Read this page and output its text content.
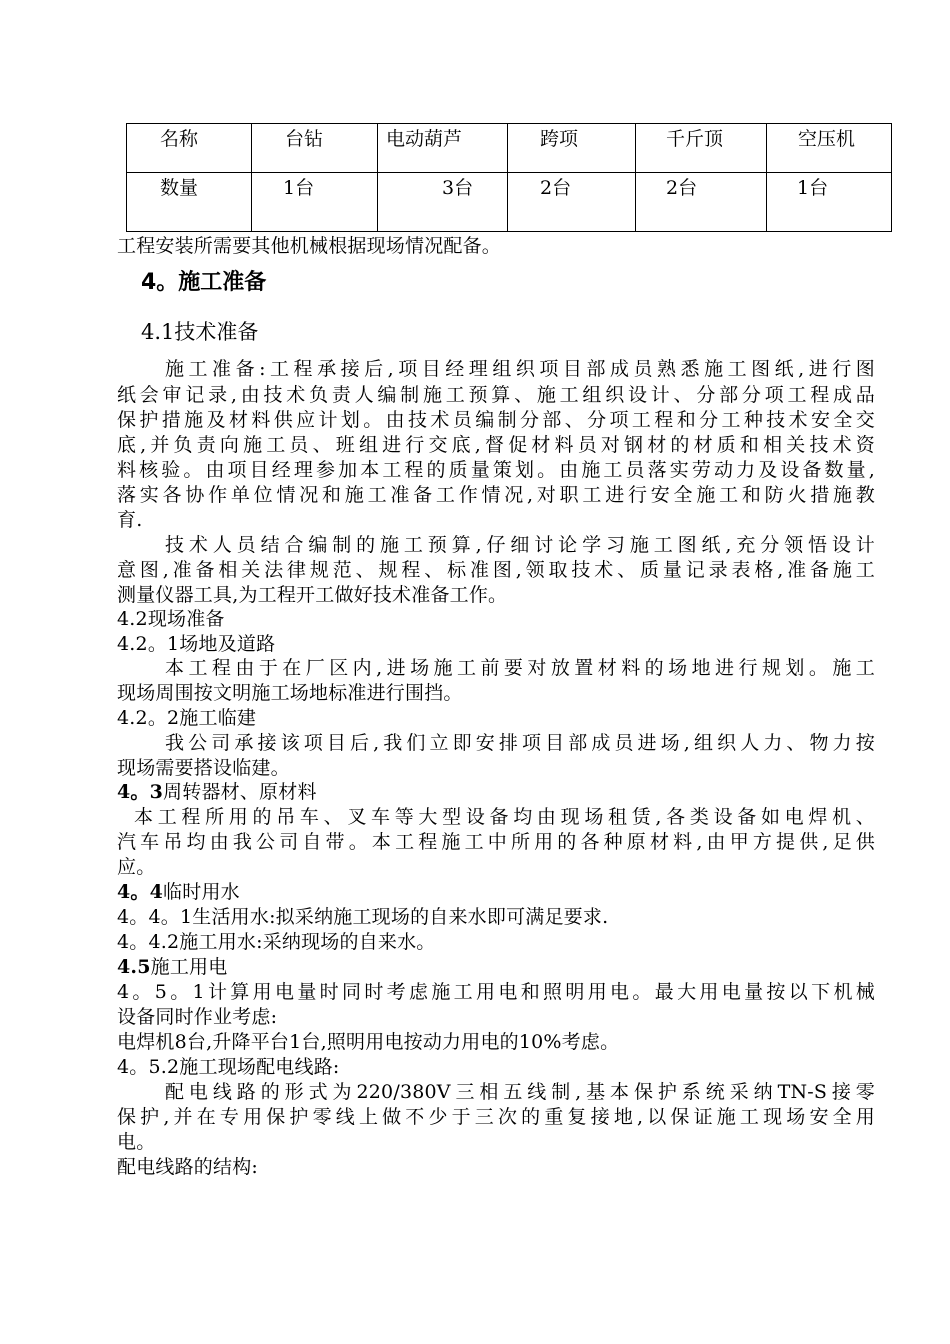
名称	台钻	电动葫芦	跨项	千斤顶	空压机

数量	1台	3台	2台	2台	1台
工程安装所需要其他机械根据现场情况配备。
4。施工准备
4.1技术准备
施工准备:工程承接后,项目经理组织项目部成员熟悉施工图纸,进行图
纸会审记录,由技术负责人编制施工预算、施工组织设计、分部分项工程成品
保护措施及材料供应计划。由技术员编制分部、分项工程和分工种技术安全交
底,并负责向施工员、班组进行交底,督促材料员对钢材的材质和相关技术资
料核验。由项目经理参加本工程的质量策划。由施工员落实劳动力及设备数量,
落实各协作单位情况和施工准备工作情况,对职工进行安全施工和防火措施教
育.
技术人员结合编制的施工预算,仔细讨论学习施工图纸,充分领悟设计
意图,准备相关法律规范、规程、标准图,领取技术、质量记录表格,准备施工
测量仪器工具,为工程开工做好技术准备工作。
4.2现场准备
4.2。1场地及道路
本工程由于在厂区内,进场施工前要对放置材料的场地进行规划。施工
现场周围按文明施工场地标准进行围挡。
4.2。2施工临建
我公司承接该项目后,我们立即安排项目部成员进场,组织人力、物力按
现场需要搭设临建。
4。3周转器材、原材料
本工程所用的吊车、叉车等大型设备均由现场租赁,各类设备如电焊机、
汽车吊均由我公司自带。本工程施工中所用的各种原材料,由甲方提供,足供
应。
4。4临时用水
4。4。1生活用水:拟采纳施工现场的自来水即可满足要求.
4。4.2施工用水:采纳现场的自来水。
4.5施工用电
4。5。1计算用电量时同时考虑施工用电和照明用电。最大用电量按以下机械
设备同时作业考虑:
电焊机8台,升降平台1台,照明用电按动力用电的10%考虑。
4。5.2施工现场配电线路:
配电线路的形式为220/380V三相五线制,基本保护系统采纳TN-S接零
保护,并在专用保护零线上做不少于三次的重复接地,以保证施工现场安全用
电。
配电线路的结构:
